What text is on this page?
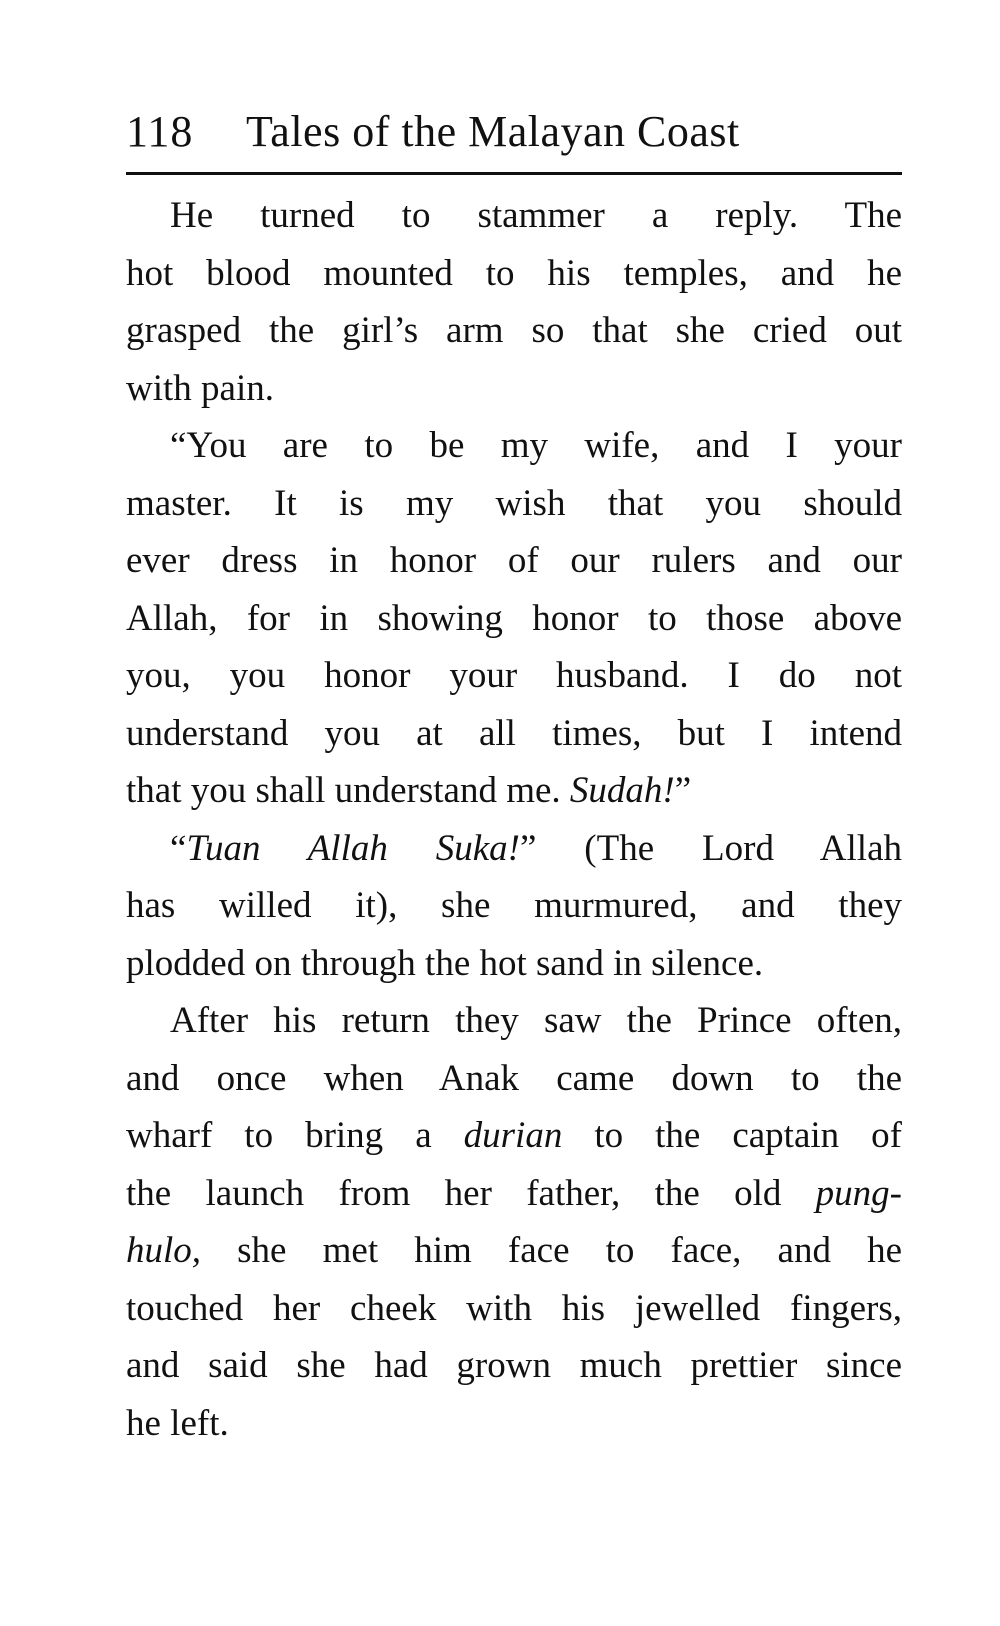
118	Tales of the Malayan Coast
He turned to stammer a reply. The
hot blood mounted to his temples, and he
grasped the girl’s arm so that she cried out
with pain.
“You are to be my wife, and I your
master. It is my wish that you should
ever dress in honor of our rulers and our
Allah, for in showing honor to those above
you, you honor your husband. I do not
understand you at all times, but I intend
that you shall understand me. Sudah!”
“Tuan Allah Suka!” (The Lord Allah
has willed it), she murmured, and they
plodded on through the hot sand in silence.
After his return they saw the Prince often,
and once when Anak came down to the
wharf to bring a durian to the captain of
the launch from her father, the old pung-
hulo, she met him face to face, and he
touched her cheek with his jewelled fingers,
and said she had grown much prettier since
he left.
